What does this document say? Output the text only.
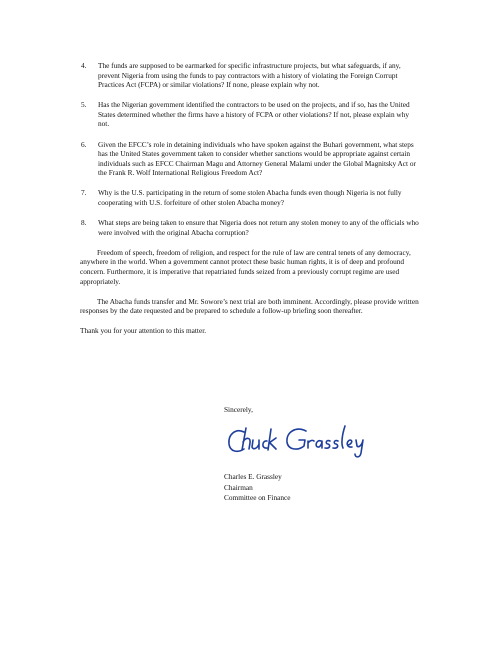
4.	The funds are supposed to be earmarked for specific infrastructure projects, but what safeguards, if any, prevent Nigeria from using the funds to pay contractors with a history of violating the Foreign Corrupt Practices Act (FCPA) or similar violations? If none, please explain why not.
5.	Has the Nigerian government identified the contractors to be used on the projects, and if so, has the United States determined whether the firms have a history of FCPA or other violations? If not, please explain why not.
6.	Given the EFCC’s role in detaining individuals who have spoken against the Buhari government, what steps has the United States government taken to consider whether sanctions would be appropriate against certain individuals such as EFCC Chairman Magu and Attorney General Malami under the Global Magnitsky Act or the Frank R. Wolf International Religious Freedom Act?
7.	Why is the U.S. participating in the return of some stolen Abacha funds even though Nigeria is not fully cooperating with U.S. forfeiture of other stolen Abacha money?
8.	What steps are being taken to ensure that Nigeria does not return any stolen money to any of the officials who were involved with the original Abacha corruption?

Freedom of speech, freedom of religion, and respect for the rule of law are central tenets of any democracy, anywhere in the world. When a government cannot protect these basic human rights, it is of deep and profound concern. Furthermore, it is imperative that repatriated funds seized from a previously corrupt regime are used appropriately.

The Abacha funds transfer and Mr. Sowore’s next trial are both imminent. Accordingly, please provide written responses by the date requested and be prepared to schedule a follow-up briefing soon thereafter.

Thank you for your attention to this matter.

Sincerely,
Charles E. Grassley
Chairman
Committee on Finance
